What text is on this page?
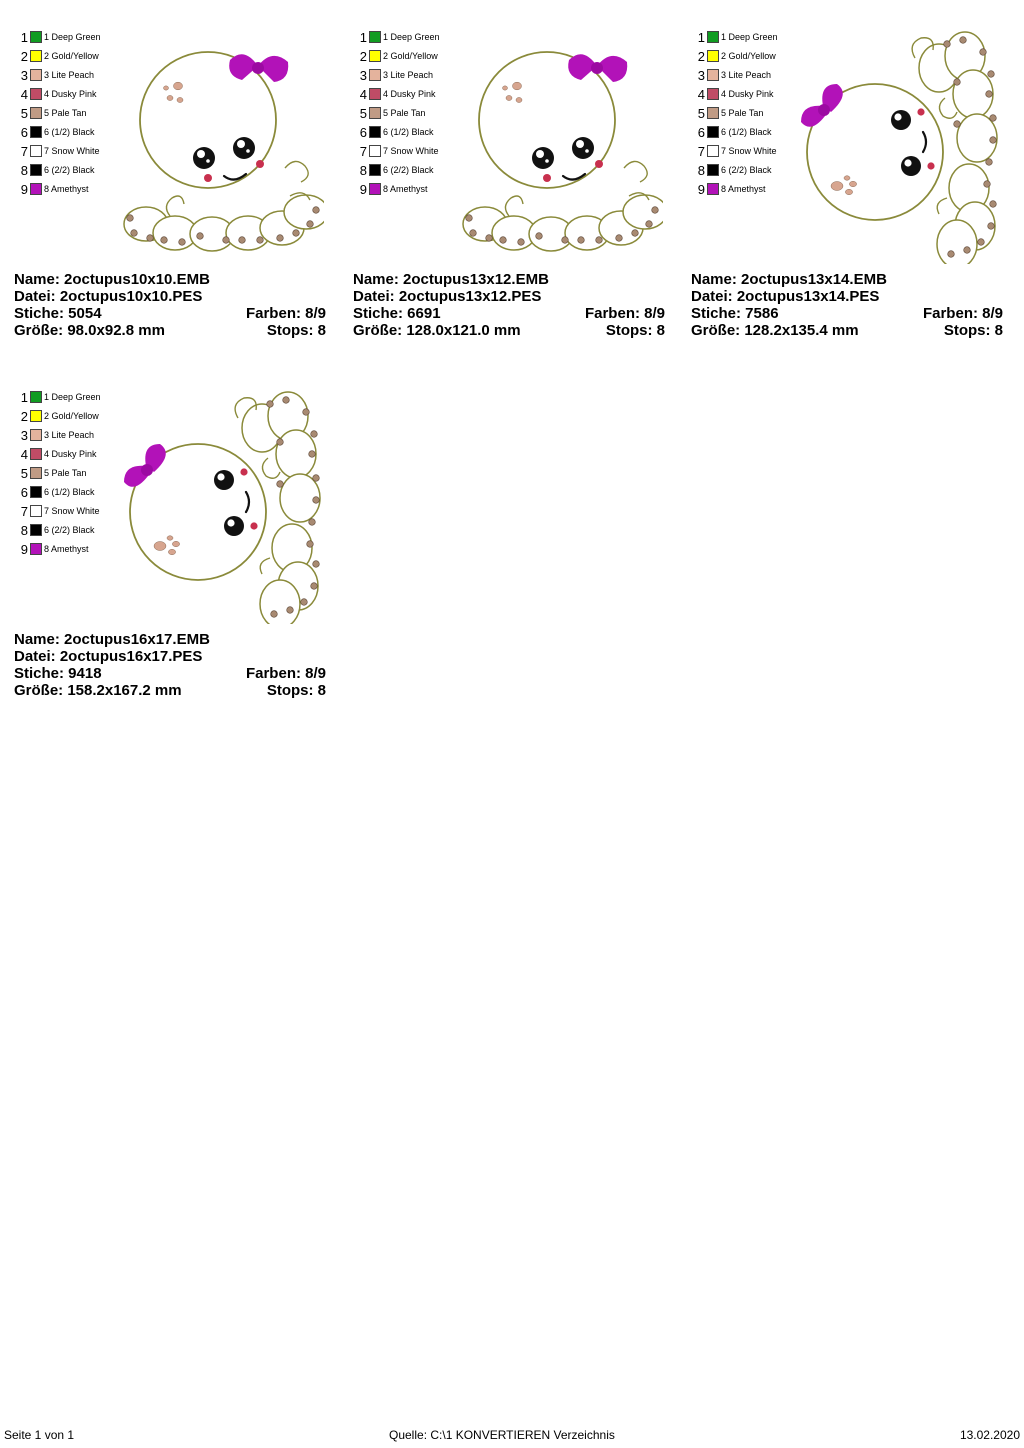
1 1 Deep Green
2 2 Gold/Yellow
3 3 Lite Peach
4 4 Dusky Pink
5 5 Pale Tan
6 6 (1/2) Black
7 7 Snow White
8 6 (2/2) Black
9 8 Amethyst
Name: 2octupus10x10.EMB
Datei: 2octupus10x10.PES
Stiche: 5054	Farben: 8/9
Größe: 98.0x92.8 mm	Stops: 8
1 1 Deep Green
2 2 Gold/Yellow
3 3 Lite Peach
4 4 Dusky Pink
5 5 Pale Tan
6 6 (1/2) Black
7 7 Snow White
8 6 (2/2) Black
9 8 Amethyst
Name: 2octupus13x12.EMB
Datei: 2octupus13x12.PES
Stiche: 6691	Farben: 8/9
Größe: 128.0x121.0 mm	Stops: 8
1 1 Deep Green
2 2 Gold/Yellow
3 3 Lite Peach
4 4 Dusky Pink
5 5 Pale Tan
6 6 (1/2) Black
7 7 Snow White
8 6 (2/2) Black
9 8 Amethyst
Name: 2octupus13x14.EMB
Datei: 2octupus13x14.PES
Stiche: 7586	Farben: 8/9
Größe: 128.2x135.4 mm	Stops: 8
1 1 Deep Green
2 2 Gold/Yellow
3 3 Lite Peach
4 4 Dusky Pink
5 5 Pale Tan
6 6 (1/2) Black
7 7 Snow White
8 6 (2/2) Black
9 8 Amethyst
Name: 2octupus16x17.EMB
Datei: 2octupus16x17.PES
Stiche: 9418	Farben: 8/9
Größe: 158.2x167.2 mm	Stops: 8
Seite 1 von 1	Quelle: C:\1 KONVERTIEREN Verzeichnis	13.02.2020
